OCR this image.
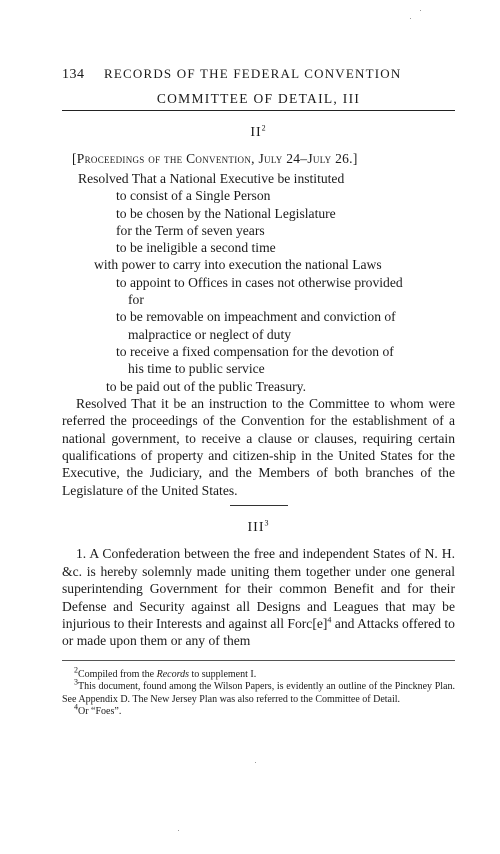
134	RECORDS OF THE FEDERAL CONVENTION
COMMITTEE OF DETAIL, III
$II^2$
[Proceedings of the Convention, July 24–July 26.]
Resolved That a National Executive be instituted
to consist of a Single Person
to be chosen by the National Legislature
for the Term of seven years
to be ineligible a second time
with power to carry into execution the national Laws
to appoint to Offices in cases not otherwise provided
for
to be removable on impeachment and conviction of
malpractice or neglect of duty
to receive a fixed compensation for the devotion of
his time to public service
to be paid out of the public Treasury.
Resolved That it be an instruction to the Committee to whom were referred the proceedings of the Convention for the establishment of a national government, to receive a clause or clauses, requiring certain qualifications of property and citizen-ship in the United States for the Executive, the Judiciary, and the Members of both branches of the Legislature of the United States.
III$^3$
1. A Confederation between the free and independent States of N. H. &c. is hereby solemnly made uniting them together under one general superintending Government for their common Benefit and for their Defense and Security against all Designs and Leagues that may be injurious to their Interests and against all $Forc[e]^4$ and Attacks offered to or made upon them or any of them
$^2$Compiled from the Records to supplement I.
$^3$This document, found among the Wilson Papers, is evidently an outline of the Pinckney Plan. See Appendix D. The New Jersey Plan was also referred to the Committee of Detail.
$^4$Or “Foes”.
